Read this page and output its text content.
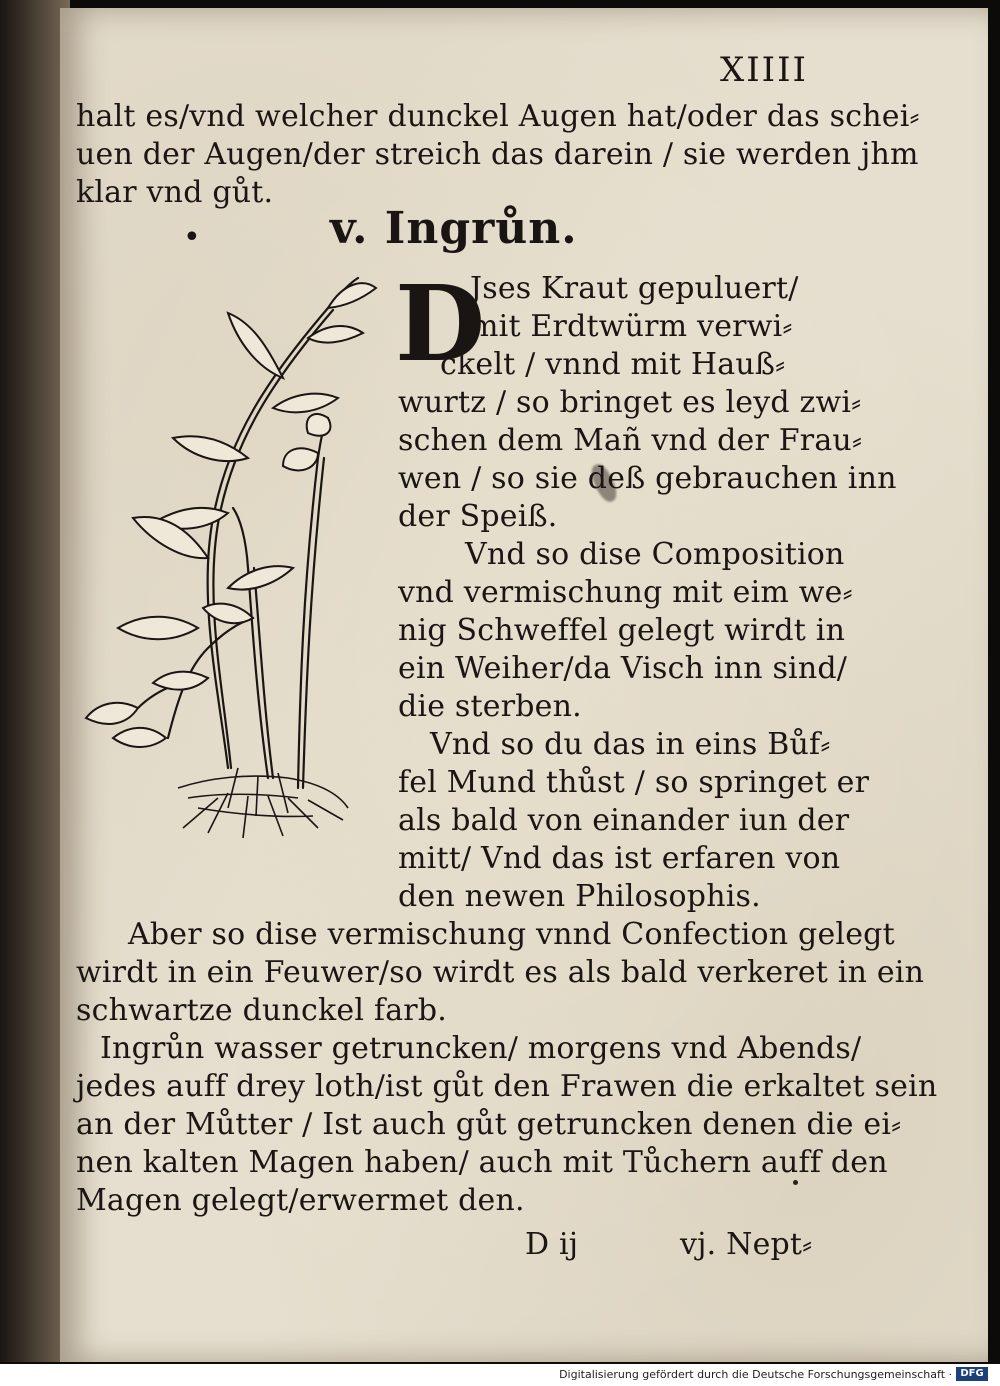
XIIII
halt es/vnd welcher dunckel Augen hat/oder das schei⸗
uen der Augen/der streich das darein / sie werden jhm
klar vnd gůt.
•	v. Ingrůn.
D
Jses Kraut gepuluert/
mit Erdtwürm verwi⸗
ckelt / vnnd mit Hauß⸗
wurtz / so bringet es leyd zwi⸗
schen dem Mañ vnd der Frau⸗
wen / so sie deß gebrauchen inn
der Speiß.
Vnd so dise Composition
vnd vermischung mit eim we⸗
nig Schweffel gelegt wirdt in
ein Weiher/da Visch inn sind/
die sterben.
Vnd so du das in eins Bůf⸗
fel Mund thůst / so springet er
als bald von einander iun der
mitt/ Vnd das ist erfaren von
den newen Philosophis.
Aber so dise vermischung vnnd Confection gelegt
wirdt in ein Feuwer/so wirdt es als bald verkeret in ein
schwartze dunckel farb.
Ingrůn wasser getruncken/ morgens vnd Abends/
jedes auff drey loth/ist gůt den Frawen die erkaltet sein
an der Můtter / Ist auch gůt getruncken denen die ei⸗
nen kalten Magen haben/ auch mit Tůchern auff den
Magen gelegt/erwermet den.
D ij	vj. Nept⸗
Digitalisierung gefördert durch die Deutsche Forschungsgemeinschaft · DFG
